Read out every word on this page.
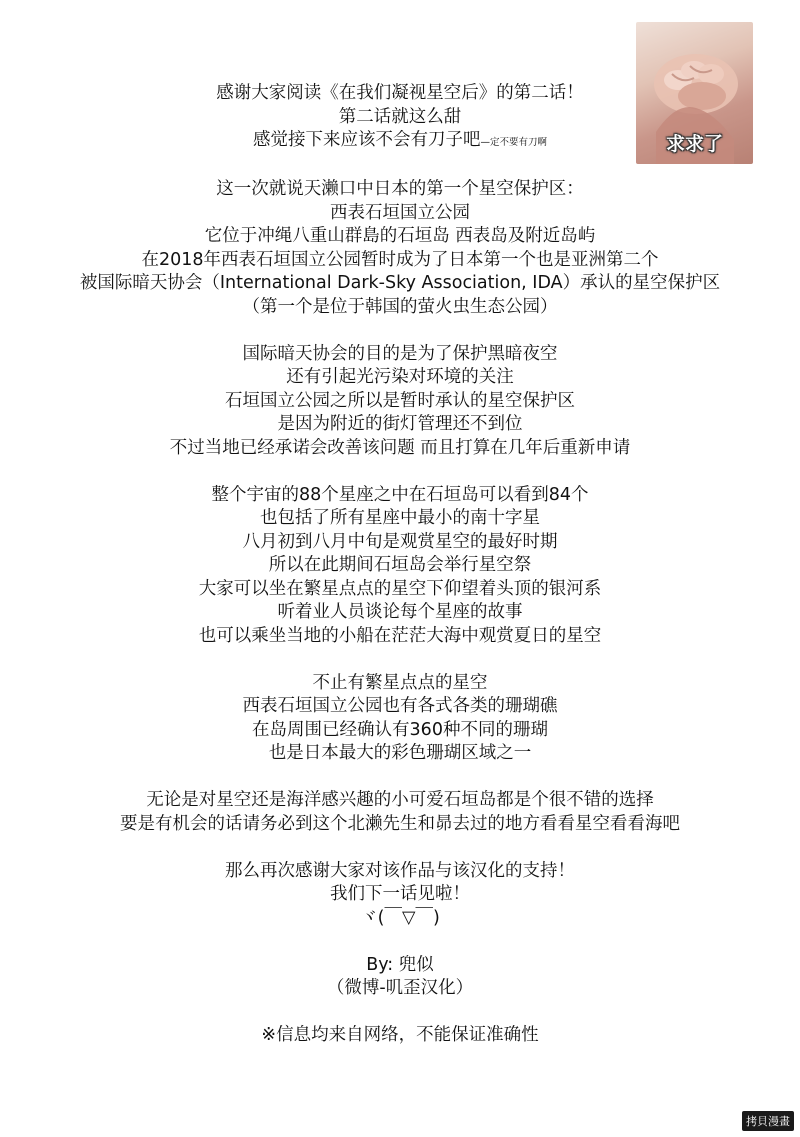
感谢大家阅读《在我们凝视星空后》的第二话！
第二话就这么甜
感觉接下来应该不会有刀子吧—定不要有刀啊
这一次就说天濑口中日本的第一个星空保护区：
西表石垣国立公园
它位于冲绳八重山群島的石垣岛 西表岛及附近岛屿
在2018年西表石垣国立公园暂时成为了日本第一个也是亚洲第二个
被国际暗天协会（International Dark-Sky Association, IDA）承认的星空保护区
（第一个是位于韩国的萤火虫生态公园）
国际暗天协会的目的是为了保护黑暗夜空
还有引起光污染对环境的关注
石垣国立公园之所以是暂时承认的星空保护区
是因为附近的街灯管理还不到位
不过当地已经承诺会改善该问题 而且打算在几年后重新申请
整个宇宙的88个星座之中在石垣岛可以看到84个
也包括了所有星座中最小的南十字星
八月初到八月中旬是观赏星空的最好时期
所以在此期间石垣岛会举行星空祭
大家可以坐在繁星点点的星空下仰望着头顶的银河系
听着业人员谈论每个星座的故事
也可以乘坐当地的小船在茫茫大海中观赏夏日的星空
不止有繁星点点的星空
西表石垣国立公园也有各式各类的珊瑚礁
在岛周围已经确认有360种不同的珊瑚
也是日本最大的彩色珊瑚区域之一
无论是对星空还是海洋感兴趣的小可爱石垣岛都是个很不错的选择
要是有机会的话请务必到这个北濑先生和昴去过的地方看看星空看看海吧
那么再次感谢大家对该作品与该汉化的支持！
我们下一话见啦！
ヾ(￣▽￣)
By: 兜似
（微博-叽歪汉化）
※信息均来自网络，不能保证准确性
求求了
拷貝漫畫
